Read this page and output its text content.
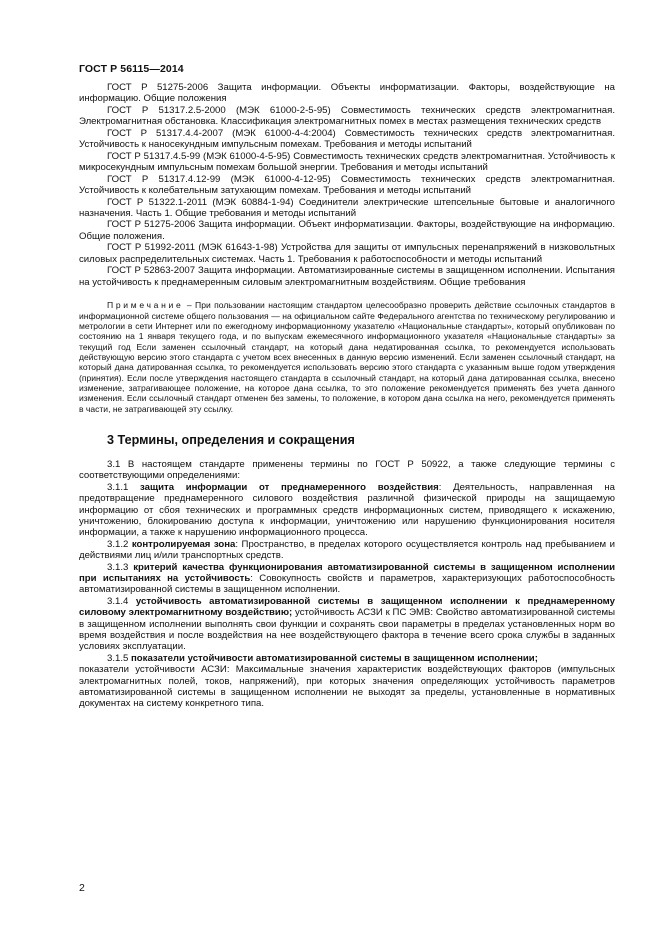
ГОСТ Р 56115—2014

ГОСТ Р 51275-2006 Защита информации. Объекты информатизации. Факторы, воздействующие на информацию. Общие положения

ГОСТ Р 51317.2.5-2000 (МЭК 61000-2-5-95) Совместимость технических средств электромагнитная. Электромагнитная обстановка. Классификация электромагнитных помех в местах размещения технических средств

ГОСТ Р 51317.4.4-2007 (МЭК 61000-4-4:2004) Совместимость технических средств электромагнитная. Устойчивость к наносекундным импульсным помехам. Требования и методы испытаний

ГОСТ Р 51317.4.5-99 (МЭК 61000-4-5-95) Совместимость технических средств электромагнитная. Устойчивость к микросекундным импульсным помехам большой энергии. Требования и методы испытаний

ГОСТ Р 51317.4.12-99 (МЭК 61000-4-12-95) Совместимость технических средств электромагнитная. Устойчивость к колебательным затухающим помехам. Требования и методы испытаний

ГОСТ Р 51322.1-2011 (МЭК 60884-1-94) Соединители электрические штепсельные бытовые и аналогичного назначения. Часть 1. Общие требования и методы испытаний

ГОСТ Р 51275-2006 Защита информации. Объект информатизации. Факторы, воздействующие на информацию. Общие положения.

ГОСТ Р 51992-2011 (МЭК 61643-1-98) Устройства для защиты от импульсных перенапряжений в низковольтных силовых распределительных системах. Часть 1. Требования к работоспособности и методы испытаний

ГОСТ Р 52863-2007 Защита информации. Автоматизированные системы в защищенном исполнении. Испытания на устойчивость к преднамеренным силовым электромагнитным воздействиям. Общие требования

Примечание – При пользовании настоящим стандартом целесообразно проверить действие ссылочных стандартов в информационной системе общего пользования — на официальном сайте Федерального агентства по техническому регулированию и метрологии в сети Интернет или по ежегодному информационному указателю «Национальные стандарты», который опубликован по состоянию на 1 января текущего года, и по выпускам ежемесячного информационного указателя «Национальные стандарты» за текущий год Если заменен ссылочный стандарт, на который дана недатированная ссылка, то рекомендуется использовать действующую версию этого стандарта с учетом всех внесенных в данную версию изменений. Если заменен ссылочный стандарт, на который дана датированная ссылка, то рекомендуется использовать версию этого стандарта с указанным выше годом утверждения (принятия). Если после утверждения настоящего стандарта в ссылочный стандарт, на который дана датированная ссылка, внесено изменение, затрагивающее положение, на которое дана ссылка, то это положение рекомендуется применять без учета данного изменения. Если ссылочный стандарт отменен без замены, то положение, в котором дана ссылка на него, рекомендуется применять в части, не затрагивающей эту ссылку.

3 Термины, определения и сокращения

3.1 В настоящем стандарте применены термины по ГОСТ Р 50922, а также следующие термины с соответствующими определениями:

3.1.1 защита информации от преднамеренного воздействия: Деятельность, направленная на предотвращение преднамеренного силового воздействия различной физической природы на защищаемую информацию от сбоя технических и программных средств информационных систем, приводящего к искажению, уничтожению, блокированию доступа к информации, уничтожению или нарушению функционирования носителя информации, а также к нарушению информационного процесса.

3.1.2 контролируемая зона: Пространство, в пределах которого осуществляется контроль над пребыванием и действиями лиц и/или транспортных средств.

3.1.3 критерий качества функционирования автоматизированной системы в защищенном исполнении при испытаниях на устойчивость: Совокупность свойств и параметров, характеризующих работоспособность автоматизированной системы в защищенном исполнении.

3.1.4 устойчивость автоматизированной системы в защищенном исполнении к преднамеренному силовому электромагнитному воздействию; устойчивость АСЗИ к ПС ЭМВ: Свойство автоматизированной системы в защищенном исполнении выполнять свои функции и сохранять свои параметры в пределах установленных норм во время воздействия и после воздействия на нее воздействующего фактора в течение всего срока службы в заданных условиях эксплуатации.

3.1.5 показатели устойчивости автоматизированной системы в защищенном исполнении;

показатели устойчивости АСЗИ: Максимальные значения характеристик воздействующих факторов (импульсных электромагнитных полей, токов, напряжений), при которых значения определяющих устойчивость параметров автоматизированной системы в защищенном исполнении не выходят за пределы, установленные в нормативных документах на систему конкретного типа.

2
